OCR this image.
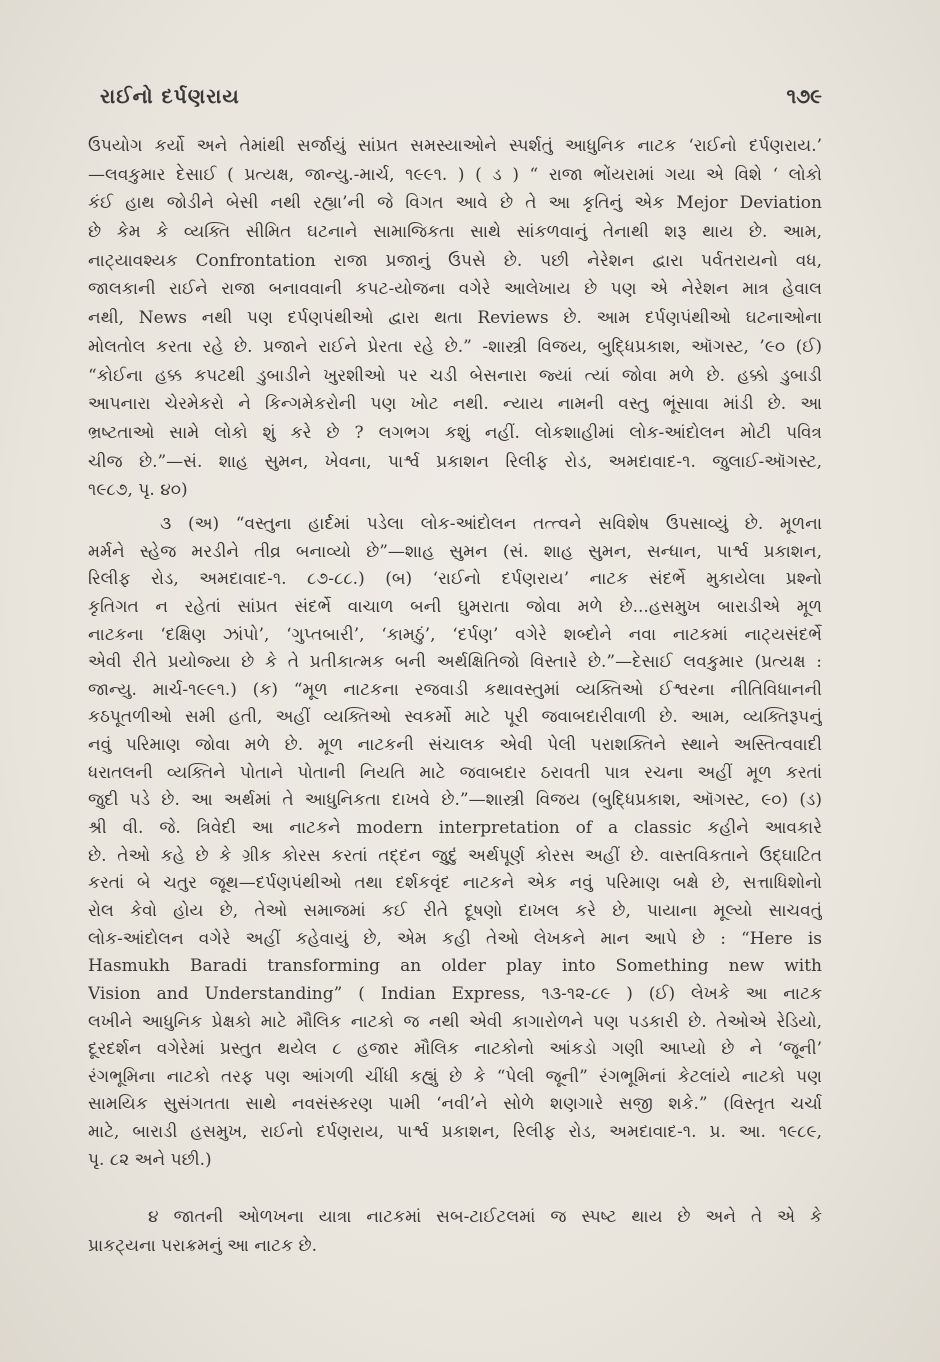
રાઈનો દર્પણરાય	૧૭૯
ઉપયોગ કર્યો અને તેમાંથી સર્જાયું સાંપ્રત સમસ્યાઓને સ્પર્શતું આધુનિક નાટક ‘રાઈનો દર્પણરાય.’
—લવકુમાર દેસાઈ ( પ્રત્યક્ષ, જાન્યુ.-માર્ચ, ૧૯૯૧. ) ( ડ ) “ રાજા ભોંયરામાં ગયા એ વિશે ‘ લોકો
કંઈ હાથ જોડીને બેસી નથી રહ્યા’ની જે વિગત આવે છે તે આ કૃતિનું એક Mejor Deviation
છે કેમ કે વ્યક્તિ સીમિત ઘટનાને સામાજિકતા સાથે સાંકળવાનું તેનાથી શરૂ થાય છે. આમ,
નાટ્યાવશ્યક Confrontation રાજા પ્રજાનું ઉપસે છે. પછી નેરેશન દ્વારા પર્વતરાયનો વધ,
જાલકાની રાઈને રાજા બનાવવાની કપટ-યોજના વગેરે આલેખાય છે પણ એ નેરેશન માત્ર હેવાલ
નથી, News નથી પણ દર્પણપંથીઓ દ્વારા થતા Reviews છે. આમ દર્પણપંથીઓ ઘટનાઓના
મોલતોલ કરતા રહે છે. પ્રજાને રાઈને પ્રેરતા રહે છે.” -શાસ્ત્રી વિજય, બુદ્ધિપ્રકાશ, ઑગસ્ટ, ’૯૦ (ઈ)
“કોઈના હક્ક કપટથી ડુબાડીને ખુરશીઓ પર ચડી બેસનારા જ્યાં ત્યાં જોવા મળે છે. હક્કો ડુબાડી
આપનારા ચેરમેકરો ને કિન્ગમેકરોની પણ ખોટ નથી. ન્યાય નામની વસ્તુ ભૂંસાવા માંડી છે. આ
ભ્રષ્ટતાઓ સામે લોકો શું કરે છે ? લગભગ કશું નહીં. લોકશાહીમાં લોક-આંદોલન મોટી પવિત્ર
ચીજ છે.”—સં. શાહ સુમન, ખેવના, પાર્શ્વ પ્રકાશન રિલીફ રોડ, અમદાવાદ-૧. જુલાઈ-ઑગસ્ટ,
૧૯૮૭, પૃ. ૪૦)
૩ (અ) “વસ્તુના હાર્દમાં પડેલા લોક-આંદોલન તત્ત્વને સવિશેષ ઉપસાવ્યું છે. મૂળના
મર્મને સ્હેજ મરડીને તીવ્ર બનાવ્યો છે”—શાહ સુમન (સં. શાહ સુમન, સન્ધાન, પાર્શ્વ પ્રકાશન,
રિલીફ રોડ, અમદાવાદ-૧. ૮૭-૮૮.) (બ) ‘રાઈનો દર્પણરાય’ નાટક સંદર્ભે મુકાયેલા પ્રશ્નો
કૃતિગત ન રહેતાં સાંપ્રત સંદર્ભે વાચાળ બની ઘુમરાતા જોવા મળે છે...હસમુખ બારાડીએ મૂળ
નાટકના ‘દક્ષિણ ઝાંપો’, ‘ગુપ્તબારી’, ‘કામઠું’, ‘દર્પણ’ વગેરે શબ્દોને નવા નાટકમાં નાટ્યસંદર્ભે
એવી રીતે પ્રયોજ્યા છે કે તે પ્રતીકાત્મક બની અર્થક્ષિતિજો વિસ્તારે છે.”—દેસાઈ લવકુમાર (પ્રત્યક્ષ :
જાન્યુ. માર્ચ-૧૯૯૧.) (ક) “મૂળ નાટકના રજવાડી કથાવસ્તુમાં વ્યક્તિઓ ઈશ્વરના નીતિવિધાનની
કઠપૂતળીઓ સમી હતી, અહીં વ્યક્તિઓ સ્વકર્મો માટે પૂરી જવાબદારીવાળી છે. આમ, વ્યક્તિરૂપનું
નવું પરિમાણ જોવા મળે છે. મૂળ નાટકની સંચાલક એવી પેલી પરાશક્તિને સ્થાને અસ્તિત્વવાદી
ધરાતલની વ્યક્તિને પોતાને પોતાની નિયતિ માટે જવાબદાર ઠરાવતી પાત્ર રચના અહીં મૂળ કરતાં
જુદી પડે છે. આ અર્થમાં તે આધુનિકતા દાખવે છે.”—શાસ્ત્રી વિજય (બુદ્ધિપ્રકાશ, ઑગસ્ટ, ૯૦) (ડ)
શ્રી વી. જે. ત્રિવેદી આ નાટકને modern interpretation of a classic કહીને આવકારે
છે. તેઓ કહે છે કે ગ્રીક કોરસ કરતાં તદ્દન જુદું અર્થપૂર્ણ કોરસ અહીં છે. વાસ્તવિકતાને ઉદ્ઘાટિત
કરતાં બે ચતુર જૂથ—દર્પણપંથીઓ તથા દર્શકવૃંદ નાટકને એક નવું પરિમાણ બક્ષે છે, સત્તાધિશોનો
રોલ કેવો હોય છે, તેઓ સમાજમાં કઈ રીતે દૂષણો દાખલ કરે છે, પાયાના મૂલ્યો સાચવતું
લોક-આંદોલન વગેરે અહીં કહેવાયું છે, એમ કહી તેઓ લેખકને માન આપે છે : “Here is
Hasmukh Baradi transforming an older play into Something new with
Vision and Understanding” ( Indian Express, ૧૩-૧૨-૮૯ ) (ઈ) લેખકે આ નાટક
લખીને આધુનિક પ્રેક્ષકો માટે મૌલિક નાટકો જ નથી એવી કાગારોળને પણ પડકારી છે. તેઓએ રેડિયો,
દૂરદર્શન વગેરેમાં પ્રસ્તુત થયેલ ૮ હજાર મૌલિક નાટકોનો આંકડો ગણી આપ્યો છે ને ‘જૂની’
રંગભૂમિના નાટકો તરફ પણ આંગળી ચીંધી કહ્યું છે કે “પેલી જૂની” રંગભૂમિનાં કેટલાંયે નાટકો પણ
સામયિક સુસંગતતા સાથે નવસંસ્કરણ પામી ‘નવી’ને સોળે શણગારે સજી શકે.” (વિસ્તૃત ચર્ચા
માટે, બારાડી હસમુખ, રાઈનો દર્પણરાય, પાર્શ્વ પ્રકાશન, રિલીફ રોડ, અમદાવાદ-૧. પ્ર. આ. ૧૯૮૯,
પૃ. ૮૨ અને પછી.)
૪ જાતની ઓળખના યાત્રા નાટકમાં સબ-ટાઈટલમાં જ સ્પષ્ટ થાય છે અને તે એ કે
પ્રાકટ્યના પરાક્રમનું આ નાટક છે.
